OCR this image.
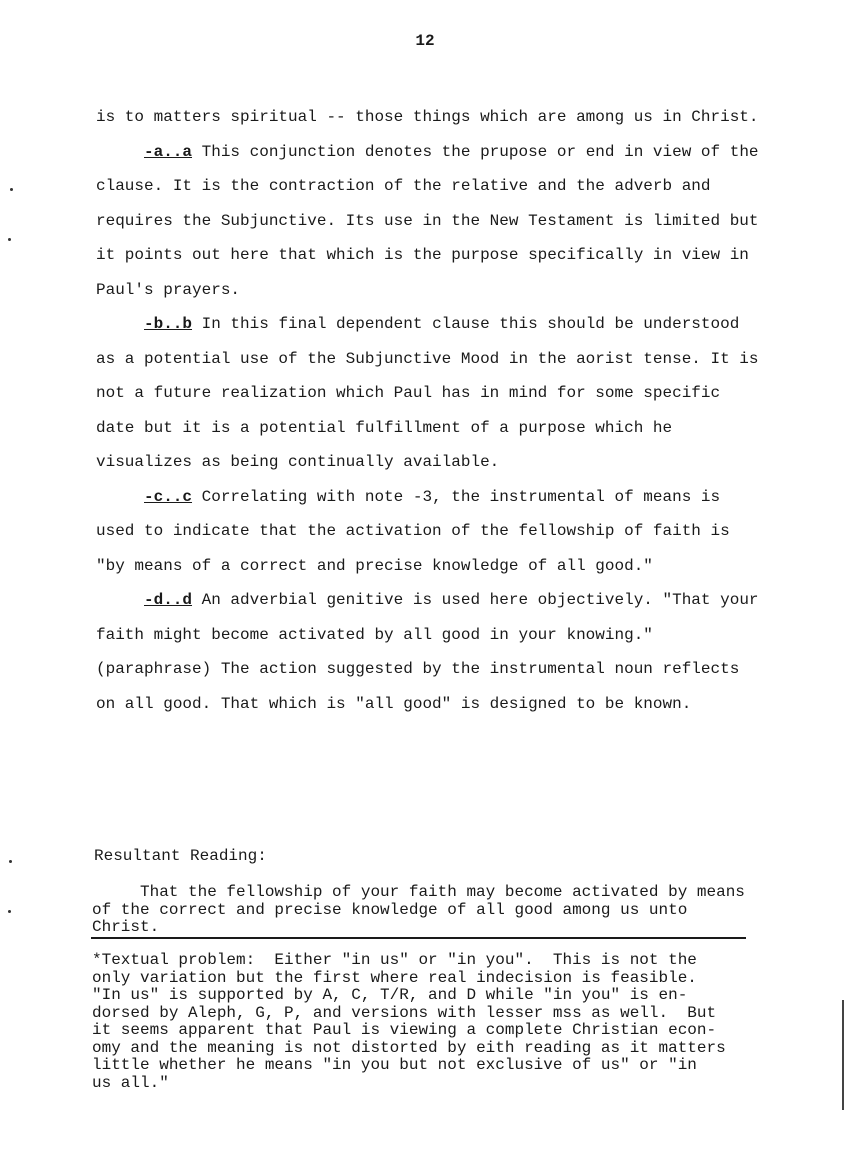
12

is to matters spiritual -- those things which are among us in Christ.

-a..a This conjunction denotes the prupose or end in view of the clause. It is the contraction of the relative and the adverb and requires the Subjunctive. Its use in the New Testament is limited but it points out here that which is the purpose specifically in view in Paul's prayers.

-b..b In this final dependent clause this should be understood as a potential use of the Subjunctive Mood in the aorist tense. It is not a future realization which Paul has in mind for some specific date but it is a potential fulfillment of a purpose which he visualizes as being continually available.

-c..c Correlating with note -3, the instrumental of means is used to indicate that the activation of the fellowship of faith is "by means of a correct and precise knowledge of all good."

-d..d An adverbial genitive is used here objectively. "That your faith might become activated by all good in your knowing." (paraphrase) The action suggested by the instrumental noun reflects on all good. That which is "all good" is designed to be known.

Resultant Reading:
That the fellowship of your faith may become activated by means of the correct and precise knowledge of all good among us unto Christ.
*Textual problem:  Either "in us" or "in you".  This is not the
only variation but the first where real indecision is feasible.
"In us" is supported by A, C, T/R, and D while "in you" is en-
dorsed by Aleph, G, P, and versions with lesser mss as well.  But
it seems apparent that Paul is viewing a complete Christian econ-
omy and the meaning is not distorted by eith reading as it matters
little whether he means "in you but not exclusive of us" or "in
us all."
